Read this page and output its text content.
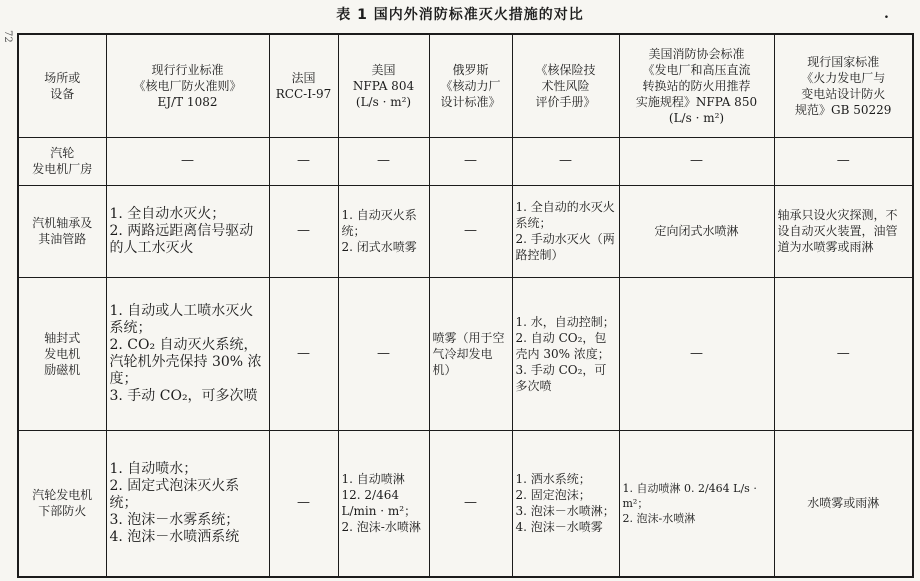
表 1 国内外消防标准灭火措施的对比	.
72
场所或
设备	现行行业标准
《核电厂防火准则》
EJ/T 1082	法国
RCC-I-97	美国
NFPA 804
(L/s · m²)	俄罗斯
《核动力厂
设计标准》	《核保险技
术性风险
评价手册》	美国消防协会标准
《发电厂和高压直流
转换站的防火用推荐
实施规程》NFPA 850
(L/s · m²)	现行国家标准
《火力发电厂与
变电站设计防火
规范》GB 50229
汽轮
发电机厂房	—	—	—	—	—	—	—
汽机轴承及
其油管路	1. 全自动水灭火；
2. 两路远距离信号驱动的人工水灭火	—	1. 自动灭火系统；
2. 闭式水喷雾	—	1. 全自动的水灭火系统；
2. 手动水灭火（两路控制）	定向闭式水喷淋	轴承只设火灾探测，不设自动灭火装置，油管道为水喷雾或雨淋
轴封式
发电机
励磁机	1. 自动或人工喷水灭火系统；
2. CO₂ 自动灭火系统，汽轮机外壳保持 30% 浓度；
3. 手动 CO₂，可多次喷	—	—	喷雾（用于空气冷却发电机）	1. 水，自动控制；
2. 自动 CO₂，包壳内 30% 浓度；
3. 手动 CO₂，可多次喷	—	—
汽轮发电机
下部防火	1. 自动喷水；
2. 固定式泡沫灭火系统；
3. 泡沫－水雾系统；
4. 泡沫－水喷洒系统	—	1. 自动喷淋 12. 2/464 L/min · m²；
2. 泡沫-水喷淋	—	1. 洒水系统；
2. 固定泡沫；
3. 泡沫－水喷淋；
4. 泡沫－水喷雾	1. 自动喷淋 0. 2/464 L/s · m²；
2. 泡沫-水喷淋	水喷雾或雨淋
